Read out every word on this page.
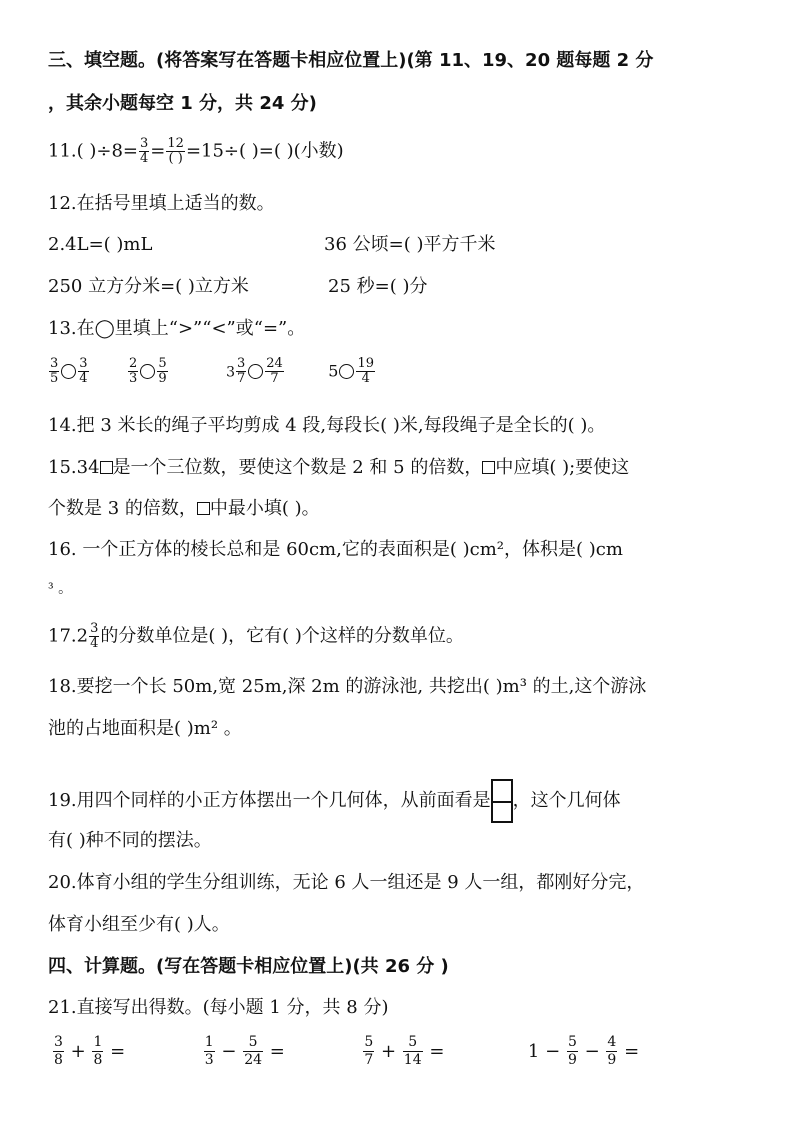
三、填空题。(将答案写在答题卡相应位置上)(第 11、19、20 题每题 2 分
，其余小题每空 1 分，共 24 分)
11.( )$\div 8= \frac{3}{4} = \frac{12}{( )} =15\div$( )=( )(小数)
12.在括号里填上适当的数。
2.4L=( )mL	36 公顷=( )平方千米
250 立方分米=( )立方米	25 秒=( )分
13.在◯里填上“>”“<”或“=”。
$\frac{3}{5} \frac{3}{4}$
	$\frac{2}{3} \frac{5}{9}$	$3 \frac{3}{7} \frac{24}{7}$	$5 \frac{19}{4}$
14.把 3 米长的绳子平均剪成 4 段,每段长( )米,每段绳子是全长的( )。
15.34 是一个三位数，要使这个数是 2 和 5 的倍数， 中应填( );要使这
个数是 3 的倍数， 中最小填( )。
16. 一个正方体的棱长总和是 60cm,它的表面积是( )cm²，体积是( )cm
³ 。
$17.2 \frac{3}{4}$ 的分数单位是( )，它有( )个这样的分数单位。
18.要挖一个长 50m,宽 25m,深 2m 的游泳池, 共挖出( )m³ 的土,这个游泳
池的占地面积是( )m² 。
19.用四个同样的小正方体摆出一个几何体，从前面看是 ，这个几何体
有( )种不同的摆法。
20.体育小组的学生分组训练，无论 6 人一组还是 9 人一组，都刚好分完，
体育小组至少有( )人。
四、计算题。(写在答题卡相应位置上)(共 26 分 )
21.直接写出得数。(每小题 1 分，共 8 分)
$\frac{3}{8} + \frac{1}{8}$ =	$\frac{1}{3} - \frac{5}{24}$ =	$\frac{5}{7} + \frac{5}{14}$ =	$1 - \frac{5}{9} - \frac{4}{9}$ =
